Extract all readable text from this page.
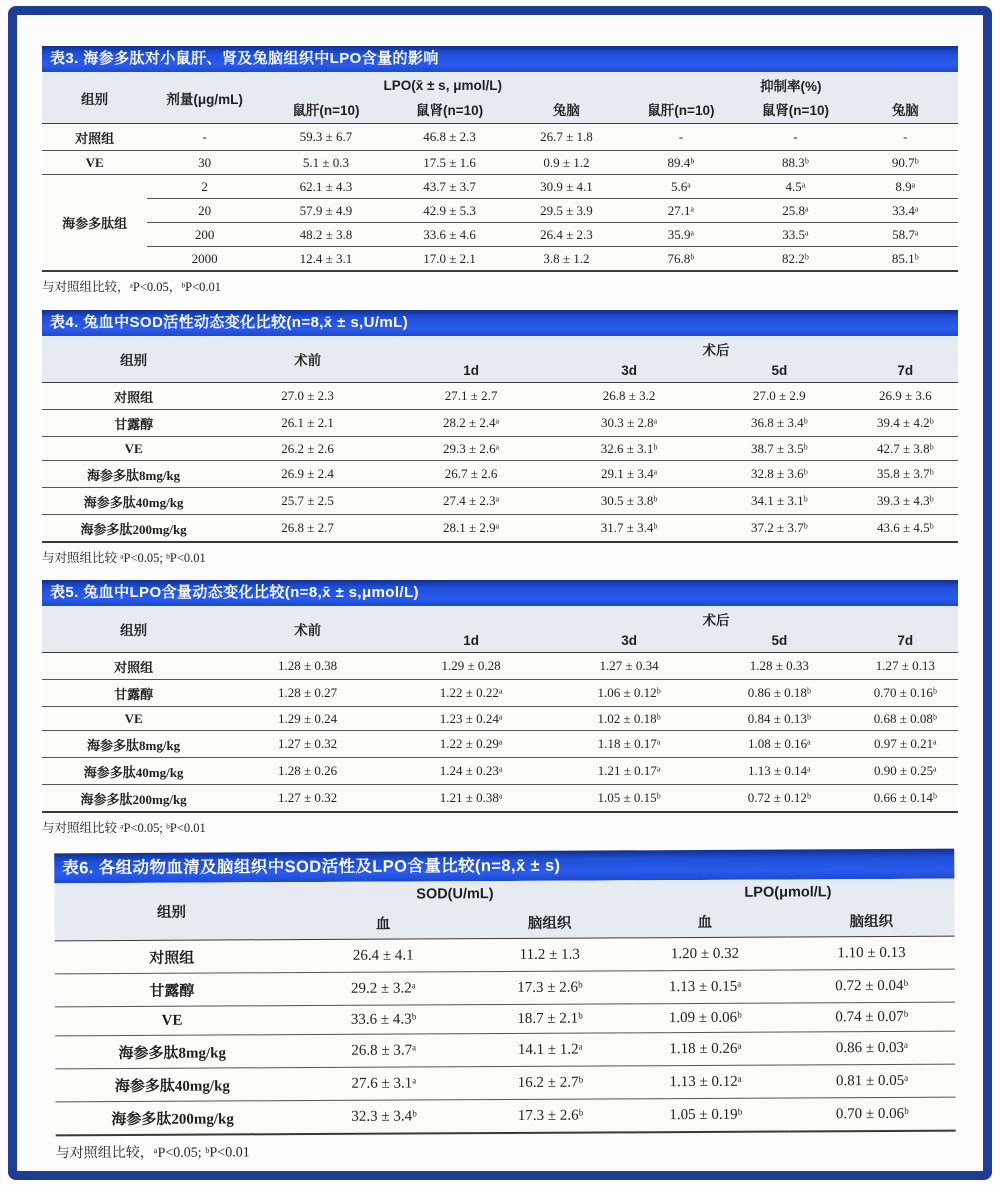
表3. 海参多肽对小鼠肝、肾及兔脑组织中LPO含量的影响
组别	剂量(μg/mL)	LPO(x̄ ± s, μmol/L)			抑制率(%)		
		鼠肝(n=10)	鼠肾(n=10)	兔脑	鼠肝(n=10)	鼠肾(n=10)	兔脑
对照组	-	59.3 ± 6.7	46.8 ± 2.3	26.7 ± 1.8	-	-	-
VE	30	5.1 ± 0.3	17.5 ± 1.6	0.9 ± 1.2	89.4ᵇ	88.3ᵇ	90.7ᵇ
海参多肽组	2	62.1 ± 4.3	43.7 ± 3.7	30.9 ± 4.1	5.6ᵃ	4.5ᵃ	8.9ᵃ
	20	57.9 ± 4.9	42.9 ± 5.3	29.5 ± 3.9	27.1ᵃ	25.8ᵃ	33.4ᵃ
	200	48.2 ± 3.8	33.6 ± 4.6	26.4 ± 2.3	35.9ᵃ	33.5ᵃ	58.7ᵃ
	2000	12.4 ± 3.1	17.0 ± 2.1	3.8 ± 1.2	76.8ᵇ	82.2ᵇ	85.1ᵇ
与对照组比较，ᵃP<0.05，ᵇP<0.01
表4. 兔血中SOD活性动态变化比较(n=8,x̄ ± s,U/mL)
组别	术前	术后			
		1d	3d	5d	7d
对照组	27.0 ± 2.3	27.1 ± 2.7	26.8 ± 3.2	27.0 ± 2.9	26.9 ± 3.6
甘露醇	26.1 ± 2.1	28.2 ± 2.4ᵃ	30.3 ± 2.8ᵃ	36.8 ± 3.4ᵇ	39.4 ± 4.2ᵇ
VE	26.2 ± 2.6	29.3 ± 2.6ᵃ	32.6 ± 3.1ᵇ	38.7 ± 3.5ᵇ	42.7 ± 3.8ᵇ
海参多肽8mg/kg	26.9 ± 2.4	26.7 ± 2.6	29.1 ± 3.4ᵃ	32.8 ± 3.6ᵇ	35.8 ± 3.7ᵇ
海参多肽40mg/kg	25.7 ± 2.5	27.4 ± 2.3ᵃ	30.5 ± 3.8ᵇ	34.1 ± 3.1ᵇ	39.3 ± 4.3ᵇ
海参多肽200mg/kg	26.8 ± 2.7	28.1 ± 2.9ᵃ	31.7 ± 3.4ᵇ	37.2 ± 3.7ᵇ	43.6 ± 4.5ᵇ
与对照组比较 ᵃP<0.05; ᵇP<0.01
表5. 兔血中LPO含量动态变化比较(n=8,x̄ ± s,μmol/L)
组别	术前	术后			
		1d	3d	5d	7d
对照组	1.28 ± 0.38	1.29 ± 0.28	1.27 ± 0.34	1.28 ± 0.33	1.27 ± 0.13
甘露醇	1.28 ± 0.27	1.22 ± 0.22ᵃ	1.06 ± 0.12ᵇ	0.86 ± 0.18ᵇ	0.70 ± 0.16ᵇ
VE	1.29 ± 0.24	1.23 ± 0.24ᵃ	1.02 ± 0.18ᵇ	0.84 ± 0.13ᵇ	0.68 ± 0.08ᵇ
海参多肽8mg/kg	1.27 ± 0.32	1.22 ± 0.29ᵃ	1.18 ± 0.17ᵃ	1.08 ± 0.16ᵃ	0.97 ± 0.21ᵃ
海参多肽40mg/kg	1.28 ± 0.26	1.24 ± 0.23ᵃ	1.21 ± 0.17ᵃ	1.13 ± 0.14ᵃ	0.90 ± 0.25ᵃ
海参多肽200mg/kg	1.27 ± 0.32	1.21 ± 0.38ᵃ	1.05 ± 0.15ᵇ	0.72 ± 0.12ᵇ	0.66 ± 0.14ᵇ
与对照组比较 ᵃP<0.05; ᵇP<0.01
表6. 各组动物血清及脑组织中SOD活性及LPO含量比较(n=8,x̄ ± s)
组别	SOD(U/mL)		LPO(μmol/L)	
	血	脑组织	血	脑组织
对照组	26.4 ± 4.1	11.2 ± 1.3	1.20 ± 0.32	1.10 ± 0.13
甘露醇	29.2 ± 3.2ᵃ	17.3 ± 2.6ᵇ	1.13 ± 0.15ᵃ	0.72 ± 0.04ᵇ
VE	33.6 ± 4.3ᵇ	18.7 ± 2.1ᵇ	1.09 ± 0.06ᵇ	0.74 ± 0.07ᵇ
海参多肽8mg/kg	26.8 ± 3.7ᵃ	14.1 ± 1.2ᵃ	1.18 ± 0.26ᵃ	0.86 ± 0.03ᵃ
海参多肽40mg/kg	27.6 ± 3.1ᵃ	16.2 ± 2.7ᵇ	1.13 ± 0.12ᵃ	0.81 ± 0.05ᵃ
海参多肽200mg/kg	32.3 ± 3.4ᵇ	17.3 ± 2.6ᵇ	1.05 ± 0.19ᵇ	0.70 ± 0.06ᵇ
与对照组比较，ᵃP<0.05; ᵇP<0.01
